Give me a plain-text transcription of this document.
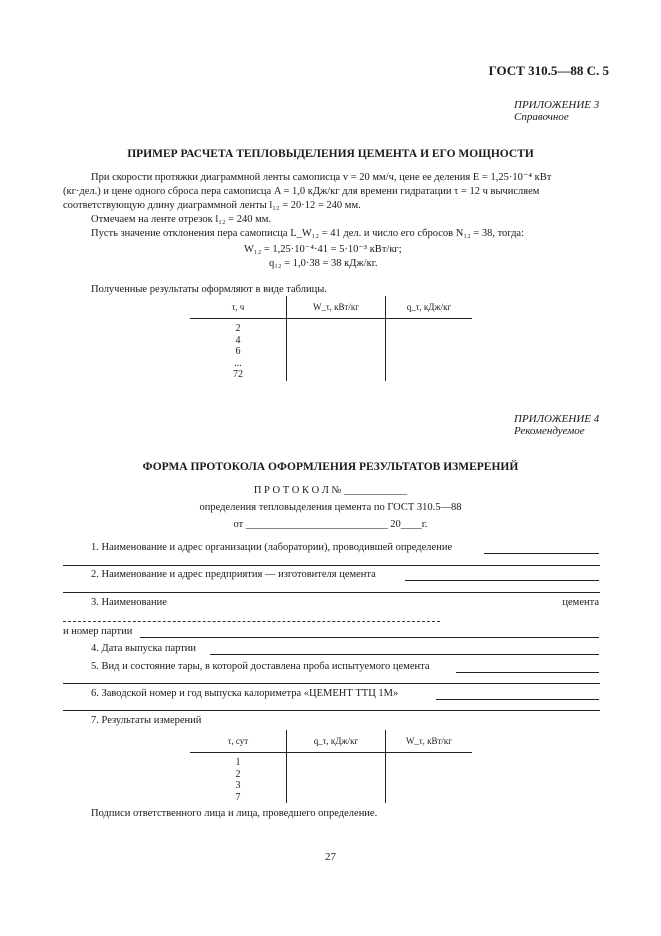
ГОСТ 310.5—88 С. 5
ПРИЛОЖЕНИЕ 3
Справочное
ПРИМЕР РАСЧЕТА ТЕПЛОВЫДЕЛЕНИЯ ЦЕМЕНТА И ЕГО МОЩНОСТИ
При скорости протяжки диаграммной ленты самописца v = 20 мм/ч, цене ее деления E = 1,25·10⁻⁴ кВт
(кг·дел.) и цене одного сброса пера самописца A = 1,0 кДж/кг для времени гидратации τ = 12 ч вычисляем
соответствующую длину диаграммной ленты l₁₂ = 20·12 = 240 мм.
Отмечаем на ленте отрезок l₁₂ = 240 мм.
Пусть значение отклонения пера самописца L_W₁₂ = 41 дел. и число его сбросов N₁₂ = 38, тогда:
W₁₂ = 1,25·10⁻⁴·41 = 5·10⁻³ кВт/кг;
q₁₂ = 1,0·38 = 38 кДж/кг.
Полученные результаты оформляют в виде таблицы.
τ, ч	W_τ, кВт/кг	q_τ, кДж/кг

2
4
6
...
72		

ПРИЛОЖЕНИЕ 4
Рекомендуемое
ФОРМА ПРОТОКОЛА ОФОРМЛЕНИЯ РЕЗУЛЬТАТОВ ИЗМЕРЕНИЙ
П Р О Т О К О Л № ____________
определения тепловыделения цемента по ГОСТ 310.5—88
от ___________________________ 20____г.
1. Наименование и адрес организации (лаборатории), проводившей определение
2. Наименование и адрес предприятия — изготовителя цемента
3. Наименование	цемента
и номер партии
4. Дата выпуска партии
5. Вид и состояние тары, в которой доставлена проба испытуемого цемента
6. Заводской номер и год выпуска калориметра «ЦЕМЕНТ ТТЦ 1М»
7. Результаты измерений
τ, сут	q_τ, кДж/кг	W_τ, кВт/кг

1
2
3
7		

Подписи ответственного лица и лица, проведшего определение.
27
